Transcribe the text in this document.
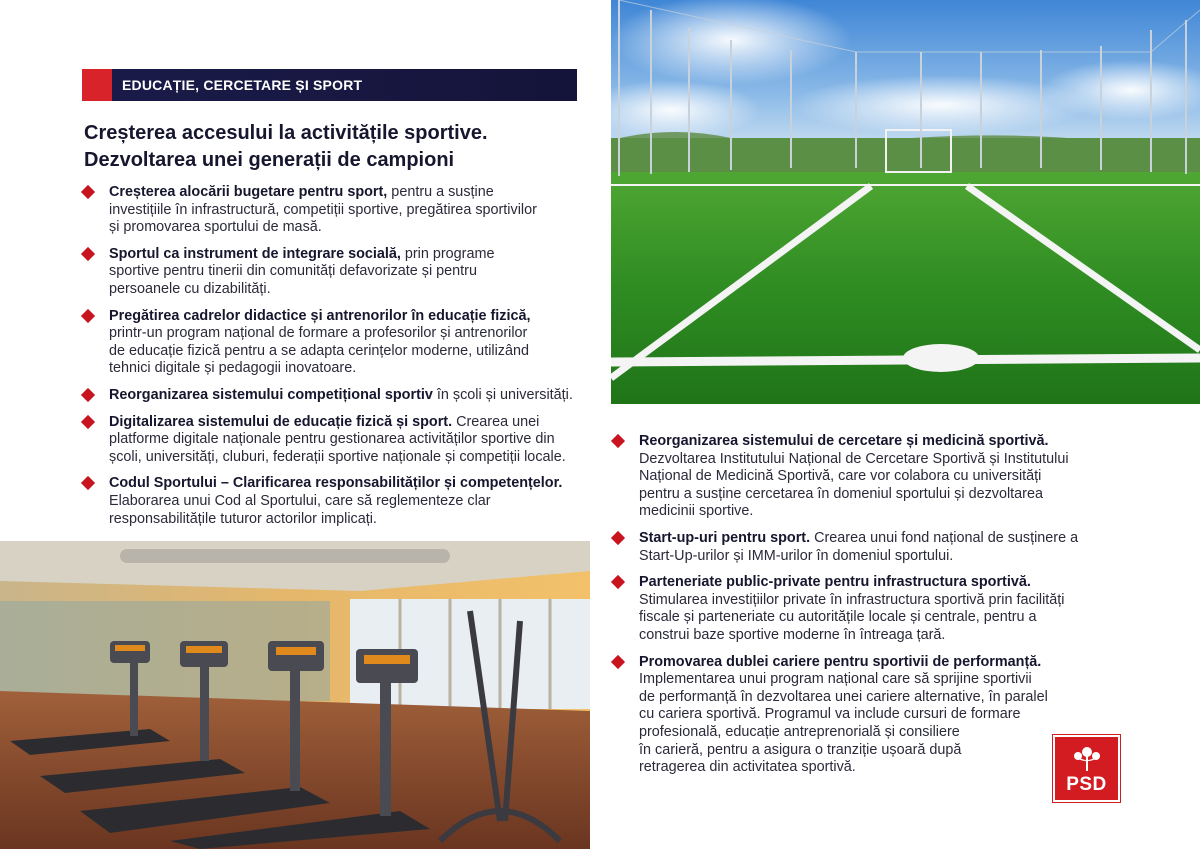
EDUCAȚIE, CERCETARE ȘI SPORT
Creșterea accesului la activitățile sportive.
Dezvoltarea unei generații de campioni
Creșterea alocării bugetare pentru sport, pentru a susține
investițiile în infrastructură, competiții sportive, pregătirea sportivilor
și promovarea sportului de masă.
Sportul ca instrument de integrare socială, prin programe
sportive pentru tinerii din comunități defavorizate și pentru
persoanele cu dizabilități.
Pregătirea cadrelor didactice și antrenorilor în educație fizică,
printr-un program național de formare a profesorilor și antrenorilor
de educație fizică pentru a se adapta cerințelor moderne, utilizând
tehnici digitale și pedagogii inovatoare.
Reorganizarea sistemului competițional sportiv în școli și universități.
Digitalizarea sistemului de educație fizică și sport. Crearea unei
platforme digitale naționale pentru gestionarea activităților sportive din
școli, universități, cluburi, federații sportive naționale și competiții locale.
Codul Sportului – Clarificarea responsabilităților și competențelor.
Elaborarea unui Cod al Sportului, care să reglementeze clar
responsabilitățile tuturor actorilor implicați.
Reorganizarea sistemului de cercetare și medicină sportivă.
Dezvoltarea Institutului Național de Cercetare Sportivă și Institutului
Național de Medicină Sportivă, care vor colabora cu universități
pentru a susține cercetarea în domeniul sportului și dezvoltarea
medicinii sportive.
Start-up-uri pentru sport. Crearea unui fond național de susținere a
Start-Up-urilor și IMM-urilor în domeniul sportului.
Parteneriate public-private pentru infrastructura sportivă.
Stimularea investițiilor private în infrastructura sportivă prin facilități
fiscale și parteneriate cu autoritățile locale și centrale, pentru a
construi baze sportive moderne în întreaga țară.
Promovarea dublei cariere pentru sportivii de performanță.
Implementarea unui program național care să sprijine sportivii
de performanță în dezvoltarea unei cariere alternative, în paralel
cu cariera sportivă. Programul va include cursuri de formare
profesională, educație antreprenorială și consiliere
în carieră, pentru a asigura o tranziție ușoară după
retragerea din activitatea sportivă.
PSD
